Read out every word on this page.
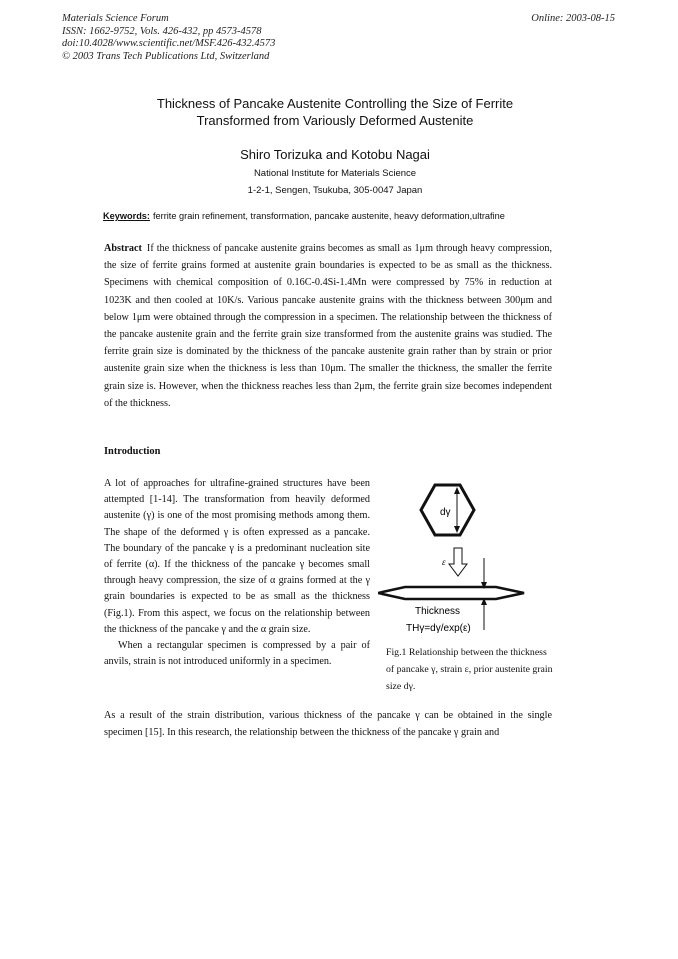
Materials Science Forum
ISSN: 1662-9752, Vols. 426-432, pp 4573-4578
doi:10.4028/www.scientific.net/MSF.426-432.4573
© 2003 Trans Tech Publications Ltd, Switzerland
Online: 2003-08-15
Thickness of Pancake Austenite Controlling the Size of Ferrite
Transformed from Variously Deformed Austenite
Shiro Torizuka and Kotobu Nagai
National Institute for Materials Science
1-2-1, Sengen, Tsukuba, 305-0047 Japan
Keywords: ferrite grain refinement, transformation, pancake austenite, heavy deformation,ultrafine
Abstract If the thickness of pancake austenite grains becomes as small as 1μm through heavy compression, the size of ferrite grains formed at austenite grain boundaries is expected to be as small as the thickness. Specimens with chemical composition of 0.16C-0.4Si-1.4Mn were compressed by 75% in reduction at 1023K and then cooled at 10K/s. Various pancake austenite grains with the thickness between 300μm and below 1μm were obtained through the compression in a specimen. The relationship between the thickness of the pancake austenite grain and the ferrite grain size transformed from the austenite grains was studied. The ferrite grain size is dominated by the thickness of the pancake austenite grain rather than by strain or prior austenite grain size when the thickness is less than 10μm. The smaller the thickness, the smaller the ferrite grain size is. However, when the thickness reaches less than 2μm, the ferrite grain size becomes independent of the thickness.
Introduction

A lot of approaches for ultrafine-grained structures have been attempted [1-14]. The transformation from heavily deformed austenite (γ) is one of the most promising methods among them. The shape of the deformed γ is often expressed as a pancake. The boundary of the pancake γ is a predominant nucleation site of ferrite (α). If the thickness of the pancake γ becomes small through heavy compression, the size of α grains formed at the γ grain boundaries is expected to be as small as the thickness (Fig.1). From this aspect, we focus on the relationship between the thickness of the pancake γ and the α grain size.

When a rectangular specimen is compressed by a pair of anvils, strain is not introduced uniformly in a specimen.

dγ
ε
Thickness
THγ=dγ/exp(ε)
Fig.1 Relationship between the thickness of pancake γ, strain ε, prior austenite grain size dγ.

As a result of the strain distribution, various thickness of the pancake γ can be obtained in the single specimen [15]. In this research, the relationship between the thickness of the pancake γ grain and
